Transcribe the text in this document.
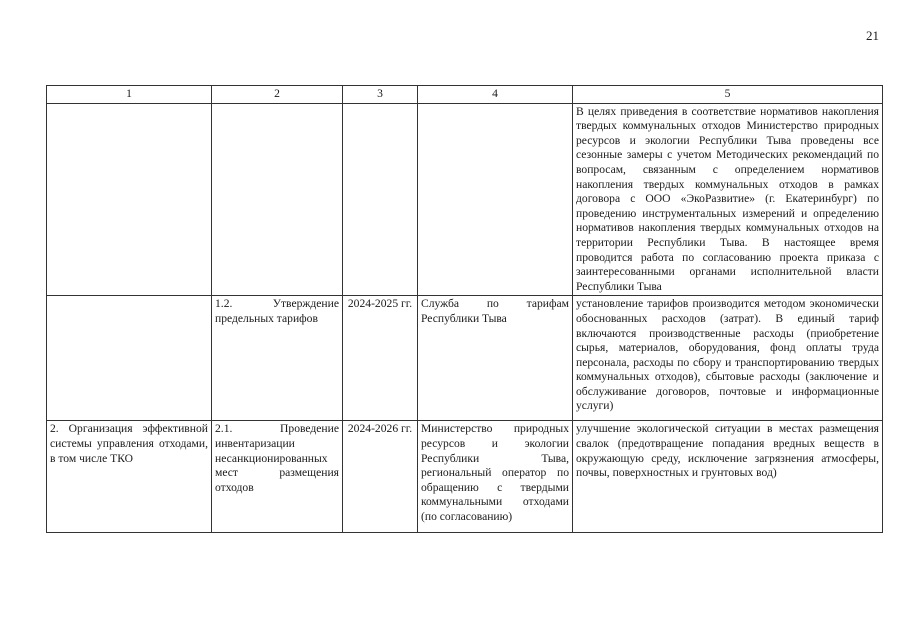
21
1	2	3	4	5
				В целях приведения в соответствие нормативов накопления твердых коммунальных отходов Министерство природных ресурсов и экологии Республики Тыва проведены все сезонные замеры с учетом Методических рекомендаций по вопросам, связанным с определением нормативов накопления твердых коммунальных отходов в рамках договора с ООО «ЭкоРазвитие» (г. Екатеринбург) по проведению инструментальных измерений и определению нормативов накопления твердых коммунальных отходов на территории Республики Тыва. В настоящее время проводится работа по согласованию проекта приказа с заинтересованными органами исполнительной власти Республики Тыва
	1.2. Утверждение предельных тарифов	2024-2025 гг.	Служба по тарифам Республики Тыва	установление тарифов производится методом экономически обоснованных расходов (затрат). В единый тариф включаются производственные расходы (приобретение сырья, материалов, оборудования, фонд оплаты труда персонала, расходы по сбору и транспортированию твердых коммунальных отходов), сбытовые расходы (заключение и обслуживание договоров, почтовые и информационные услуги)
2. Организация эффективной системы управления отходами, в том числе ТКО	2.1. Проведение инвентаризации несанкционированных мест размещения отходов	2024-2026 гг.	Министерство природных ресурсов и экологии Республики Тыва, региональный оператор по обращению с твердыми коммунальными отходами (по согласованию)	улучшение экологической ситуации в местах размещения свалок (предотвращение попадания вредных веществ в окружающую среду, исключение загрязнения атмосферы, почвы, поверхностных и грунтовых вод)
